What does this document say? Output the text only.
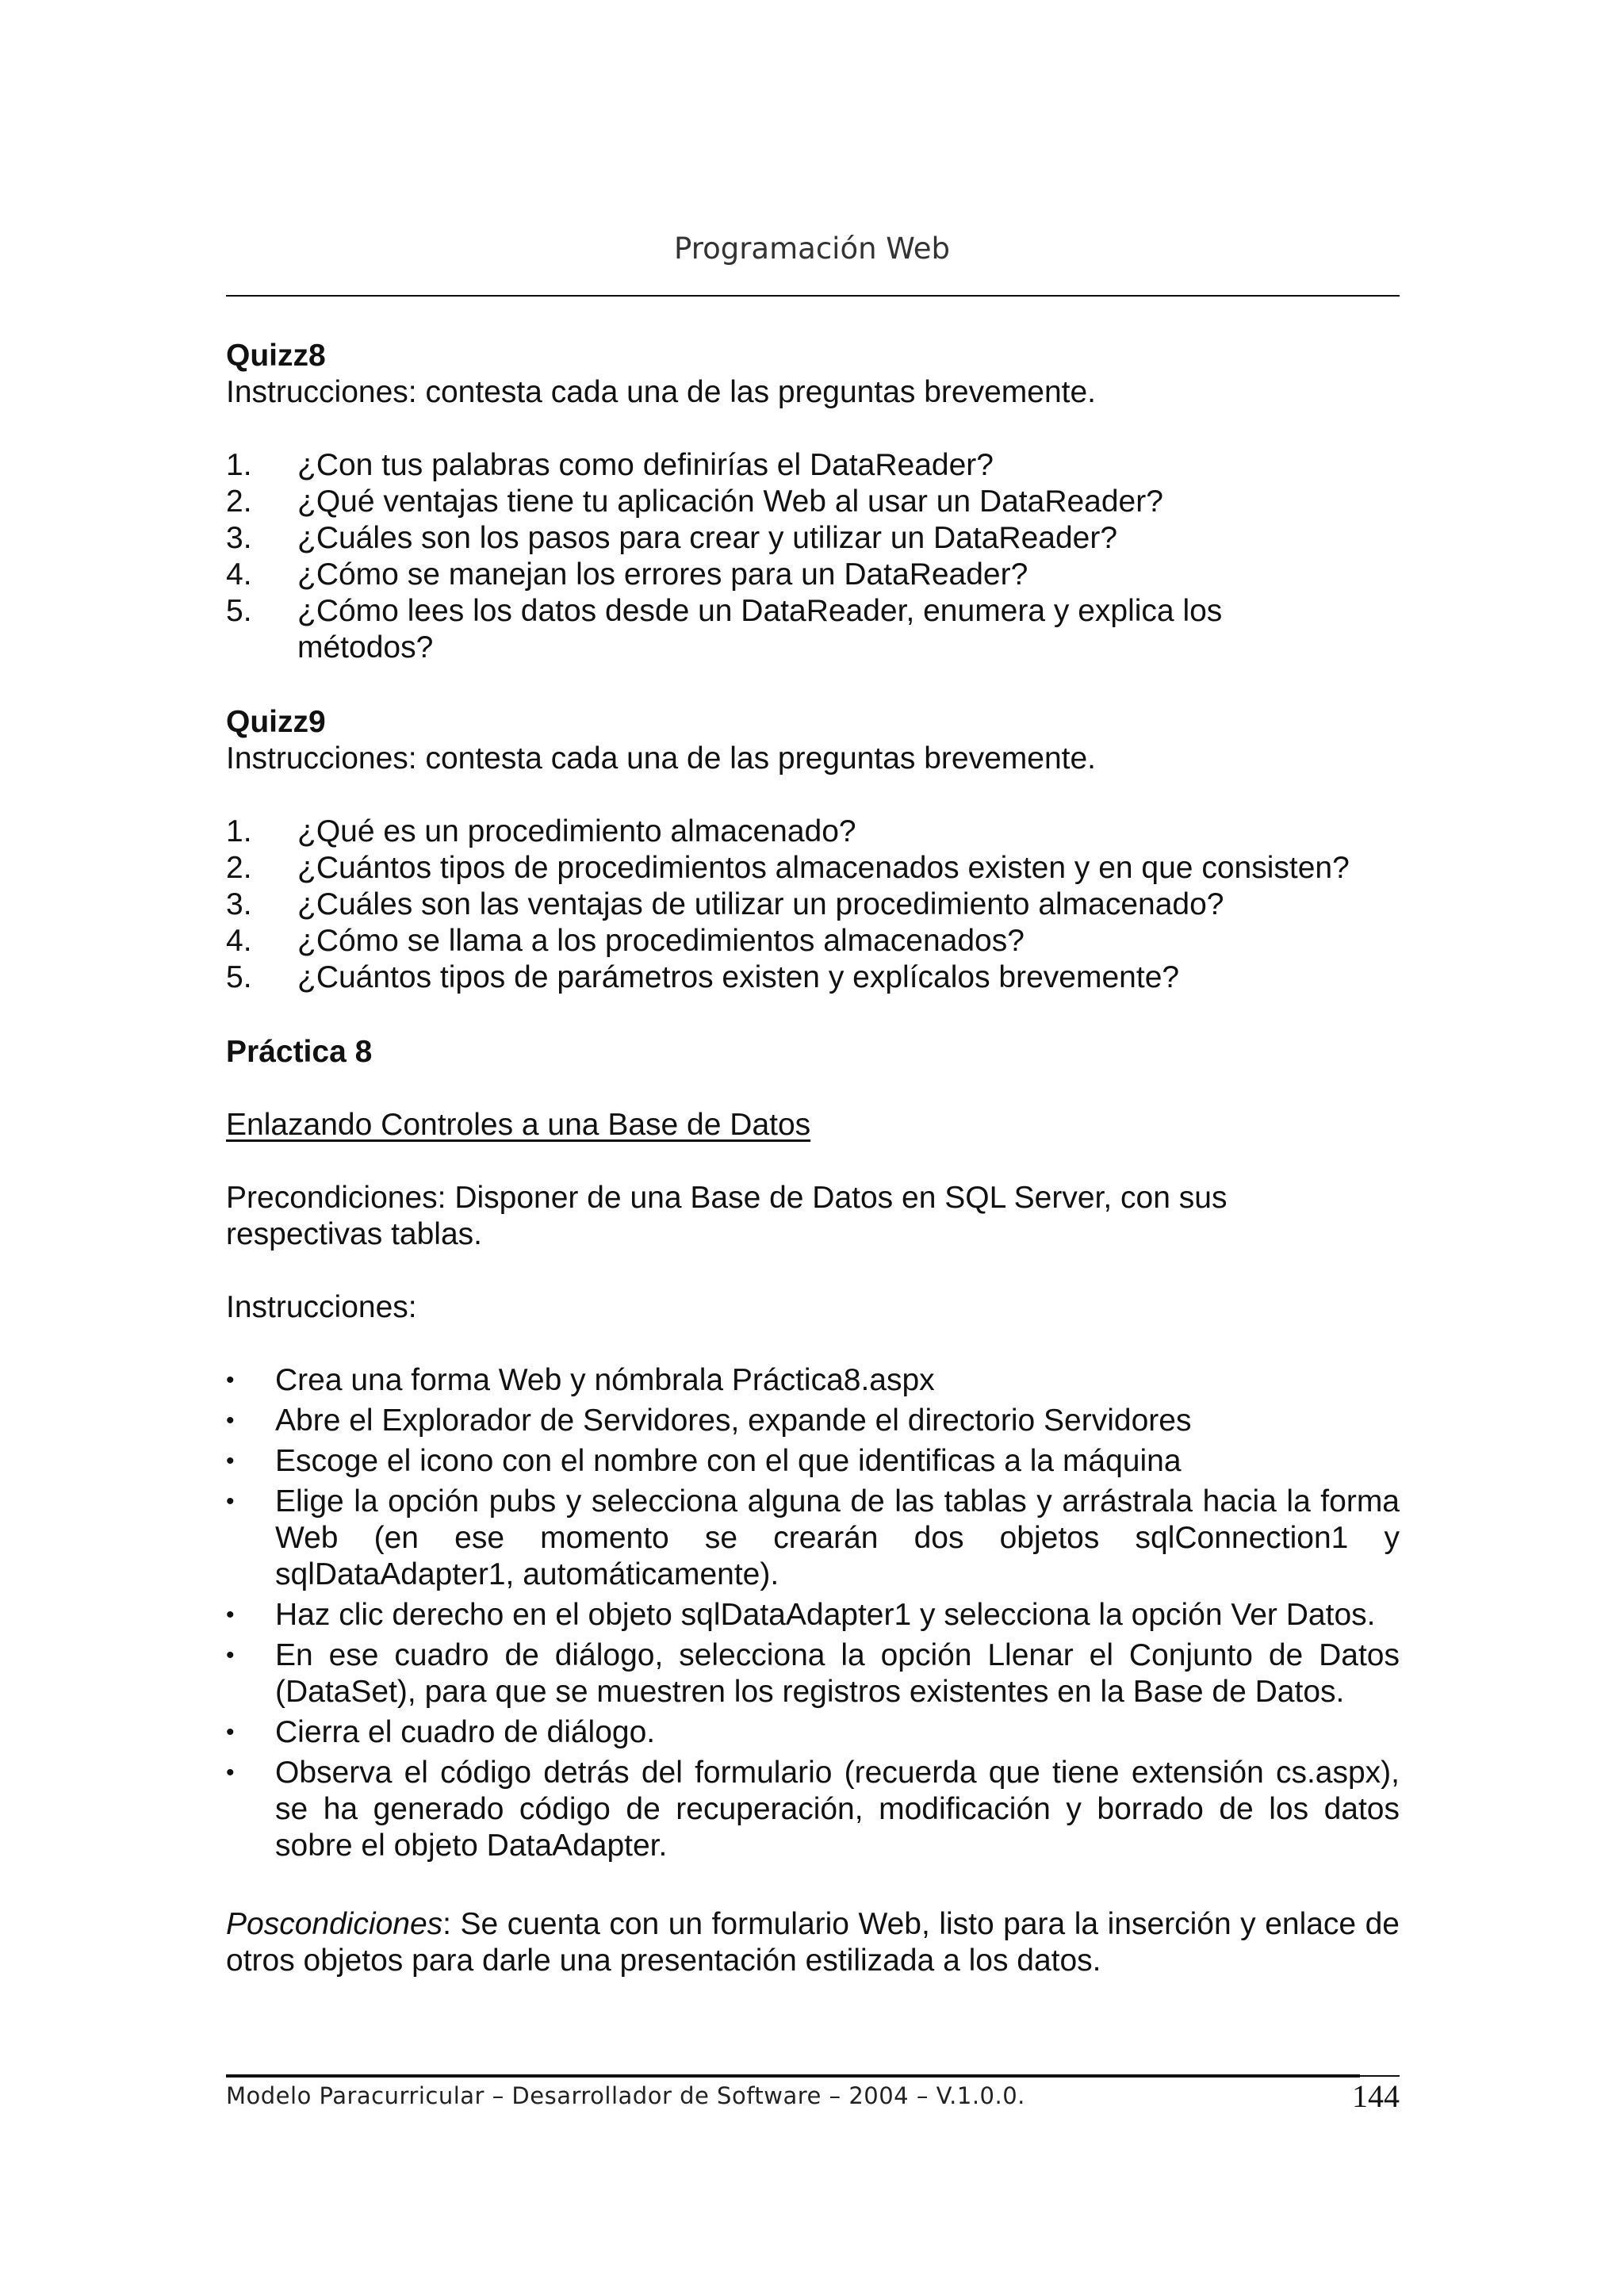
Programación Web
Quizz8

Instrucciones: contesta cada una de las preguntas brevemente.

1.	¿Con tus palabras como definirías el DataReader?
2.	¿Qué ventajas tiene tu aplicación Web al usar un DataReader?
3.	¿Cuáles son los pasos para crear y utilizar un DataReader?
4.	¿Cómo se manejan los errores para un DataReader?
5.	¿Cómo lees los datos desde un DataReader, enumera y explica los métodos?
Quizz9

Instrucciones: contesta cada una de las preguntas brevemente.

1.	¿Qué es un procedimiento almacenado?
2.	¿Cuántos tipos de procedimientos almacenados existen y en que consisten?
3.	¿Cuáles son las ventajas de utilizar un procedimiento almacenado?
4.	¿Cómo se llama a los procedimientos almacenados?
5.	¿Cuántos tipos de parámetros existen y explícalos brevemente?
Práctica 8
Enlazando Controles a una Base de Datos

Precondiciones: Disponer de una Base de Datos en SQL Server, con sus respectivas tablas.

Instrucciones:

•	Crea una forma Web y nómbrala Práctica8.aspx
•	Abre el Explorador de Servidores, expande el directorio Servidores
•	Escoge el icono con el nombre con el que identificas a la máquina
•	Elige la opción pubs y selecciona alguna de las tablas y arrástrala hacia la forma Web (en ese momento se crearán dos objetos sqlConnection1 y sqlDataAdapter1, automáticamente).
•	Haz clic derecho en el objeto sqlDataAdapter1 y selecciona la opción Ver Datos.
•	En ese cuadro de diálogo, selecciona la opción Llenar el Conjunto de Datos (DataSet), para que se muestren los registros existentes en la Base de Datos.
•	Cierra el cuadro de diálogo.
•	Observa el código detrás del formulario (recuerda que tiene extensión cs.aspx), se ha generado código de recuperación, modificación y borrado de los datos sobre el objeto DataAdapter.

Poscondiciones: Se cuenta con un formulario Web, listo para la inserción y enlace de otros objetos para darle una presentación estilizada a los datos.

Modelo Paracurricular – Desarrollador de Software – 2004 – V.1.0.0.	144
